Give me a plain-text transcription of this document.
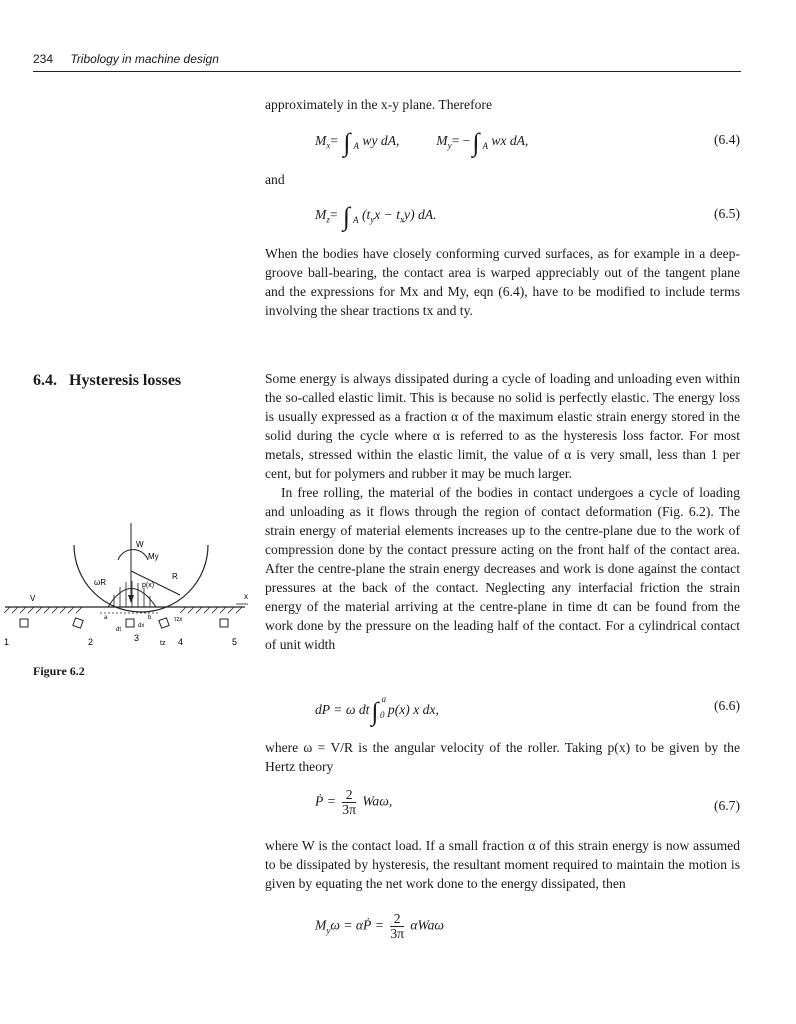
234 Tribology in machine design

approximately in the x-y plane. Therefore

$M_x=$ ∫ $_A$ wy dA,	$M_y=$ −∫ $_A$ wx dA,	(6.4)

and

$M_z=$ ∫ $_A$ $(t_yx - t_xy)$ dA.	(6.5)

When the bodies have closely conforming curved surfaces, as for example in a deep-groove ball-bearing, the contact area is warped appreciably out of the tangent plane and the expressions for Mx and My, eqn (6.4), have to be modified to include terms involving the shear tractions tx and ty.

6.4. Hysteresis losses	Some energy is always dissipated during a cycle of loading and unloading even within the so-called elastic limit. This is because no solid is perfectly elastic. The energy loss is usually expressed as a fraction α of the maximum elastic strain energy stored in the solid during the cycle where α is referred to as the hysteresis loss factor. For most metals, stressed within the elastic limit, the value of α is very small, less than 1 per cent, but for polymers and rubber it may be much larger.

In free rolling, the material of the bodies in contact undergoes a cycle of loading and unloading as it flows through the region of contact deformation (Fig. 6.2). The strain energy of material elements increases up to the centre-plane due to the work of compression done by the contact pressure acting on the front half of the contact area. After the centre-plane the strain energy decreases and work is done against the contact pressures at the back of the contact. Neglecting any interfacial friction the strain energy of the material arriving at the centre-plane in time dt can be found from the work done by the pressure on the leading half of the contact. For a cylindrical contact of unit width

W
My
R
ωR	p(x)
V	x
a	b
dt
dx
τzx
tz
1	2	3	4	5
Figure 6.2
dP = ω dt∫ $^a_0$ p(x) x dx,	(6.6)

where ω = V/R is the angular velocity of the roller. Taking p(x) to be given by the Hertz theory

Ṗ = $\frac{2}{3\pi} Wa\omega$,	(6.7)

where W is the contact load. If a small fraction α of this strain energy is now assumed to be dissipated by hysteresis, the resultant moment required to maintain the motion is given by equating the net work done to the energy dissipated, then

$M_y\omega$ = αṖ = $\frac{2}{3\pi}$ αWaω
